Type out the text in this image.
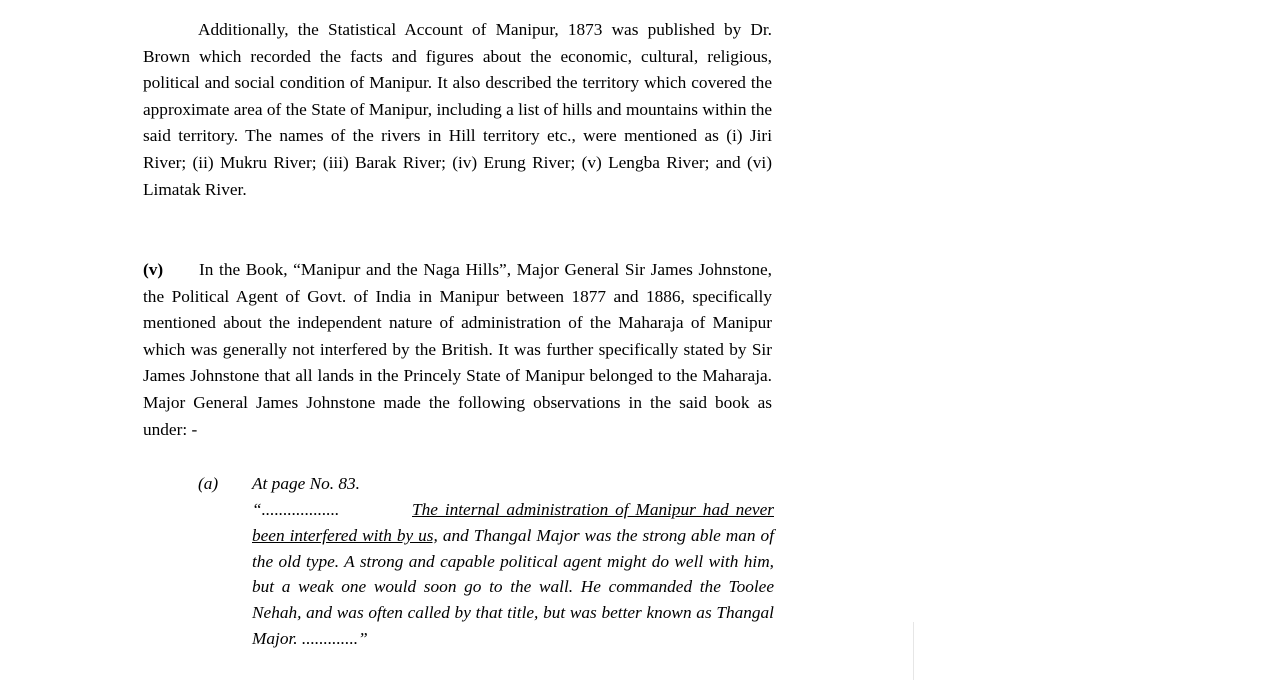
Additionally, the Statistical Account of Manipur, 1873 was published by Dr. Brown which recorded the facts and figures about the economic, cultural, religious, political and social condition of Manipur. It also described the territory which covered the approximate area of the State of Manipur, including a list of hills and mountains within the said territory. The names of the rivers in Hill territory etc., were mentioned as (i) Jiri River; (ii) Mukru River; (iii) Barak River; (iv) Erung River; (v) Lengba River; and (vi) Limatak River.

(v) In the Book, “Manipur and the Naga Hills”, Major General Sir James Johnstone, the Political Agent of Govt. of India in Manipur between 1877 and 1886, specifically mentioned about the independent nature of administration of the Maharaja of Manipur which was generally not interfered by the British. It was further specifically stated by Sir James Johnstone that all lands in the Princely State of Manipur belonged to the Maharaja. Major General James Johnstone made the following observations in the said book as under: -

(a) At page No. 83.

“..................	The internal administration of Manipur had never been interfered with by us, and Thangal Major was the strong able man of the old type. A strong and capable political agent might do well with him, but a weak one would soon go to the wall. He commanded the Toolee Nehah, and was often called by that title, but was better known as Thangal Major. .............”
